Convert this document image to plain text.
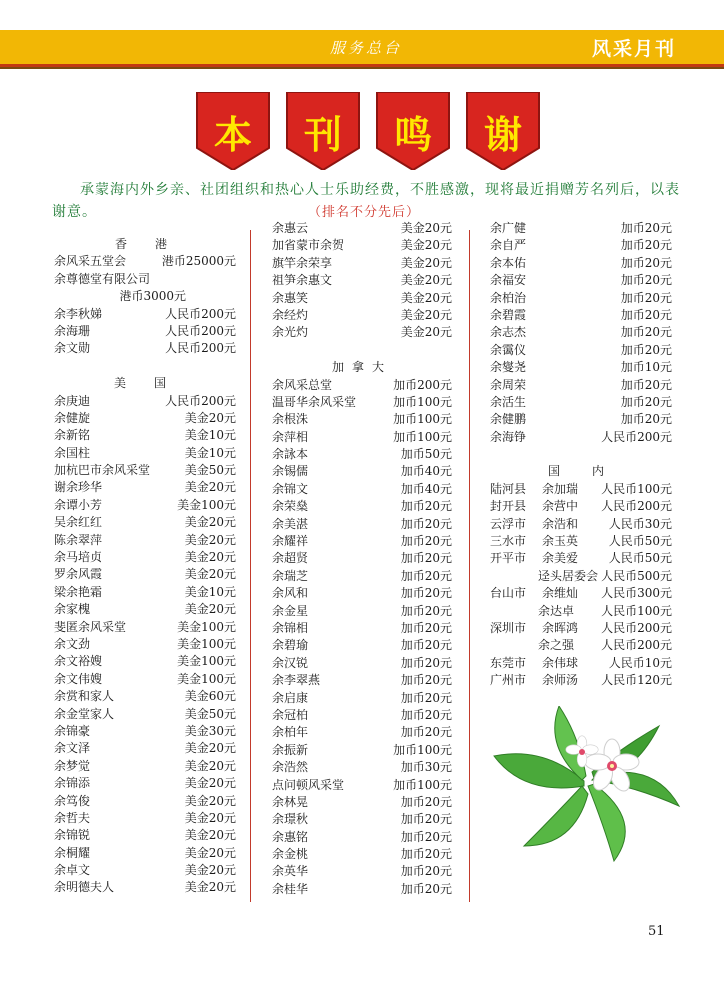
服务总台	风采月刊
本	刊	鸣	谢

承蒙海内外乡亲、社团组织和热心人士乐助经费，不胜感激，现将最近捐赠芳名列后，以表谢意。	（排名不分先后）
香　港
余风采五堂会	港币25000元
余尊德堂有限公司
港币3000元
余李秋娣	人民币200元
余海珊	人民币200元
余文勋	人民币200元
美　国
余庚迪	人民币200元
余健旋	美金20元
余新铭	美金10元
余国柱	美金10元
加杭巴市余风采堂	美金50元
谢余珍华	美金20元
余谭小芳	美金100元
吴余红红	美金20元
陈余翠萍	美金20元
余马培贞	美金20元
罗余风霞	美金20元
梁余艳霜	美金10元
余家槐	美金20元
斐匿余风采堂	美金100元
余文劲	美金100元
余文裕嫂	美金100元
余文伟嫂	美金100元
余赏和家人	美金60元
余金堂家人	美金50元
余锦豪	美金30元
余文泽	美金20元
余梦觉	美金20元
余锦添	美金20元
余笃俊	美金20元
余哲夫	美金20元
余锦锐	美金20元
余桐耀	美金20元
余卓文	美金20元
余明德夫人	美金20元
余惠云	美金20元
加省蒙市余贺	美金20元
旗竿余荣享	美金20元
祖笋余惠文	美金20元
余惠笑	美金20元
余经灼	美金20元
余光灼	美金20元
加拿大
余风采总堂	加币200元
温哥华余风采堂	加币100元
余根洙	加币100元
余萍相	加币100元
余詠本	加币50元
余锡儒	加币40元
余锦文	加币40元
余荣燊	加币20元
余美湛	加币20元
余耀祥	加币20元
余超贤	加币20元
余瑞芝	加币20元
余风和	加币20元
余金星	加币20元
余锦相	加币20元
余碧瑜	加币20元
余汉锐	加币20元
余李翠燕	加币20元
余启康	加币20元
余冠柏	加币20元
余柏年	加币20元
余振新	加币100元
余浩然	加币30元
点问顿风采堂	加币100元
余林晃	加币20元
余璟秋	加币20元
余惠铭	加币20元
余金桃	加币20元
余英华	加币20元
余桂华	加币20元
余广健	加币20元
余自严	加币20元
余本佑	加币20元
余福安	加币20元
余柏治	加币20元
余碧霞	加币20元
余志杰	加币20元
余霭仪	加币20元
余燮尧	加币10元
余周荣	加币20元
余活生	加币20元
余健鹏	加币20元
余海铮	人民币200元
国　内
陆河县 余加瑞 人民币100元
封开县 余营中 人民币200元
云浮市 余浩和	人民币30元
三水市 余玉英	人民币50元
开平市 余美爱	人民币50元
迳头居委会 人民币500元
台山市 余维灿 人民币300元
余达卓 人民币100元
深圳市 余晖鸿 人民币200元
余之强 人民币200元
东莞市 余伟球	人民币10元
广州市 余师汤 人民币120元
51
